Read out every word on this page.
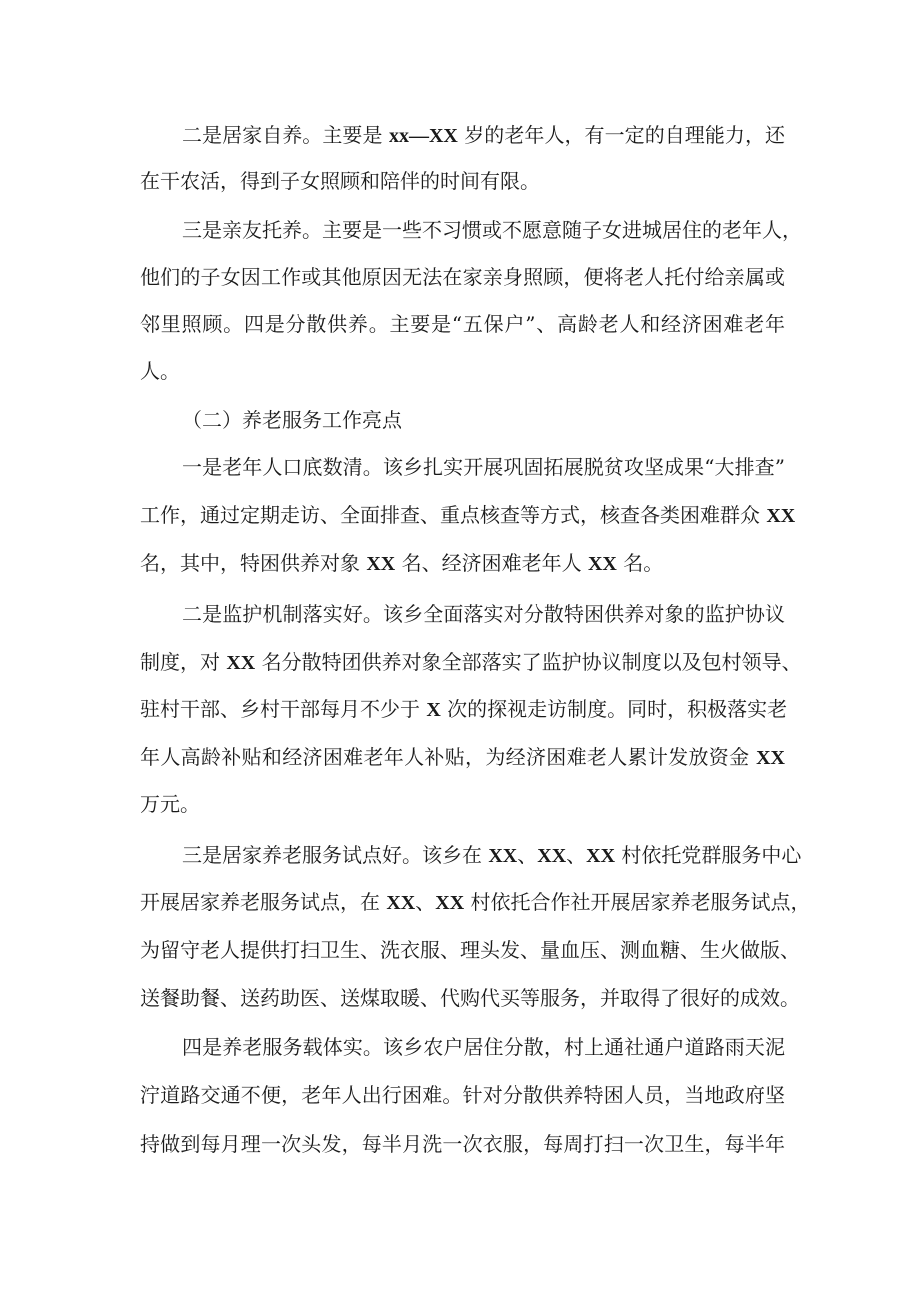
二是居家自养。主要是 xx—XX 岁的老年人，有一定的自理能力，还
在干农活，得到子女照顾和陪伴的时间有限。
三是亲友托养。主要是一些不习惯或不愿意随子女进城居住的老年人，
他们的子女因工作或其他原因无法在家亲身照顾，便将老人托付给亲属或
邻里照顾。四是分散供养。主要是“五保户”、高龄老人和经济困难老年
人。
（二）养老服务工作亮点
一是老年人口底数清。该乡扎实开展巩固拓展脱贫攻坚成果“大排查”
工作，通过定期走访、全面排查、重点核查等方式，核查各类困难群众 XX
名，其中，特困供养对象 XX 名、经济困难老年人 XX 名。
二是监护机制落实好。该乡全面落实对分散特困供养对象的监护协议
制度，对 XX 名分散特团供养对象全部落实了监护协议制度以及包村领导、
驻村干部、乡村干部每月不少于 X 次的探视走访制度。同时，积极落实老
年人高龄补贴和经济困难老年人补贴，为经济困难老人累计发放资金 XX
万元。
三是居家养老服务试点好。该乡在 XX、XX、XX 村依托党群服务中心
开展居家养老服务试点，在 XX、XX 村依托合作社开展居家养老服务试点，
为留守老人提供打扫卫生、洗衣服、理头发、量血压、测血糖、生火做版、
送餐助餐、送药助医、送煤取暖、代购代买等服务，并取得了很好的成效。
四是养老服务载体实。该乡农户居住分散，村上通社通户道路雨天泥
泞道路交通不便，老年人出行困难。针对分散供养特困人员，当地政府坚
持做到每月理一次头发，每半月洗一次衣服，每周打扫一次卫生，每半年
